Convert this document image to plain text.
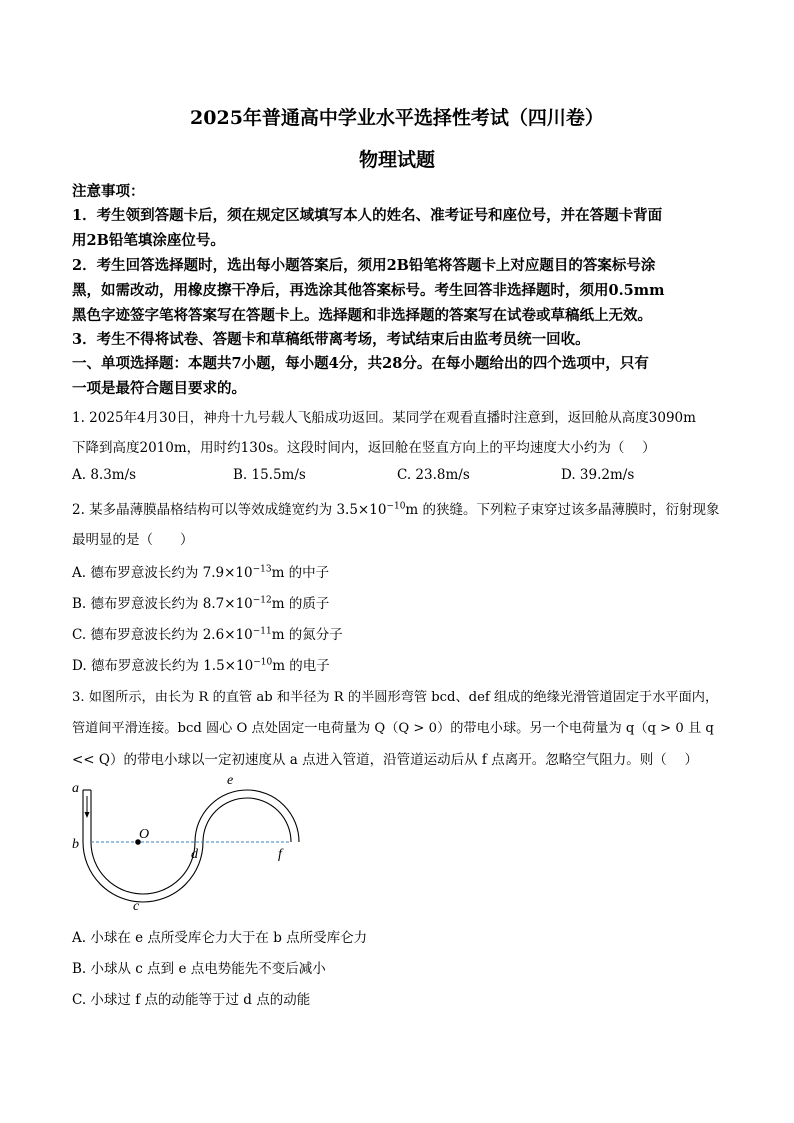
2025年普通高中学业水平选择性考试（四川卷）
物理试题
注意事项：
1．考生领到答题卡后，须在规定区域填写本人的姓名、准考证号和座位号，并在答题卡背面
用2B铅笔填涂座位号。
2．考生回答选择题时，选出每小题答案后，须用2B铅笔将答题卡上对应题目的答案标号涂
黑，如需改动，用橡皮擦干净后，再选涂其他答案标号。考生回答非选择题时，须用0.5mm
黑色字迹签字笔将答案写在答题卡上。选择题和非选择题的答案写在试卷或草稿纸上无效。
3．考生不得将试卷、答题卡和草稿纸带离考场，考试结束后由监考员统一回收。
一、单项选择题：本题共7小题，每小题4分，共28分。在每小题给出的四个选项中，只有
一项是最符合题目要求的。
1. 2025年4月30日，神舟十九号载人飞船成功返回。某同学在观看直播时注意到，返回舱从高度3090m
下降到高度2010m，用时约130s。这段时间内，返回舱在竖直方向上的平均速度大小约为（　 ）
A. 8.3m/s	B. 15.5m/s	C. 23.8m/s	D. 39.2m/s
2. 某多晶薄膜晶格结构可以等效成缝宽约为 $3.5\times 10^{-10}m$ 的狭缝。下列粒子束穿过该多晶薄膜时，衍射现象
最明显的是（　　）
A. 德布罗意波长约为 $7.9\times 10^{-13}m$ 的中子
B. 德布罗意波长约为 $8.7\times 10^{-12}m$ 的质子
C. 德布罗意波长约为 $2.6\times 10^{-11}m$ 的氮分子
D. 德布罗意波长约为 $1.5\times 10^{-10}m$ 的电子
3. 如图所示，由长为 R 的直管 ab 和半径为 R 的半圆形弯管 bcd、def 组成的绝缘光滑管道固定于水平面内，
管道间平滑连接。bcd 圆心 O 点处固定一电荷量为 Q（Q > 0）的带电小球。另一个电荷量为 q（q > 0 且 q
<< Q）的带电小球以一定初速度从 a 点进入管道，沿管道运动后从 f 点离开。忽略空气阻力。则（　 ）
a
b
c
d
e
f
O
A. 小球在 e 点所受库仑力大于在 b 点所受库仑力
B. 小球从 c 点到 e 点电势能先不变后减小
C. 小球过 f 点的动能等于过 d 点的动能
